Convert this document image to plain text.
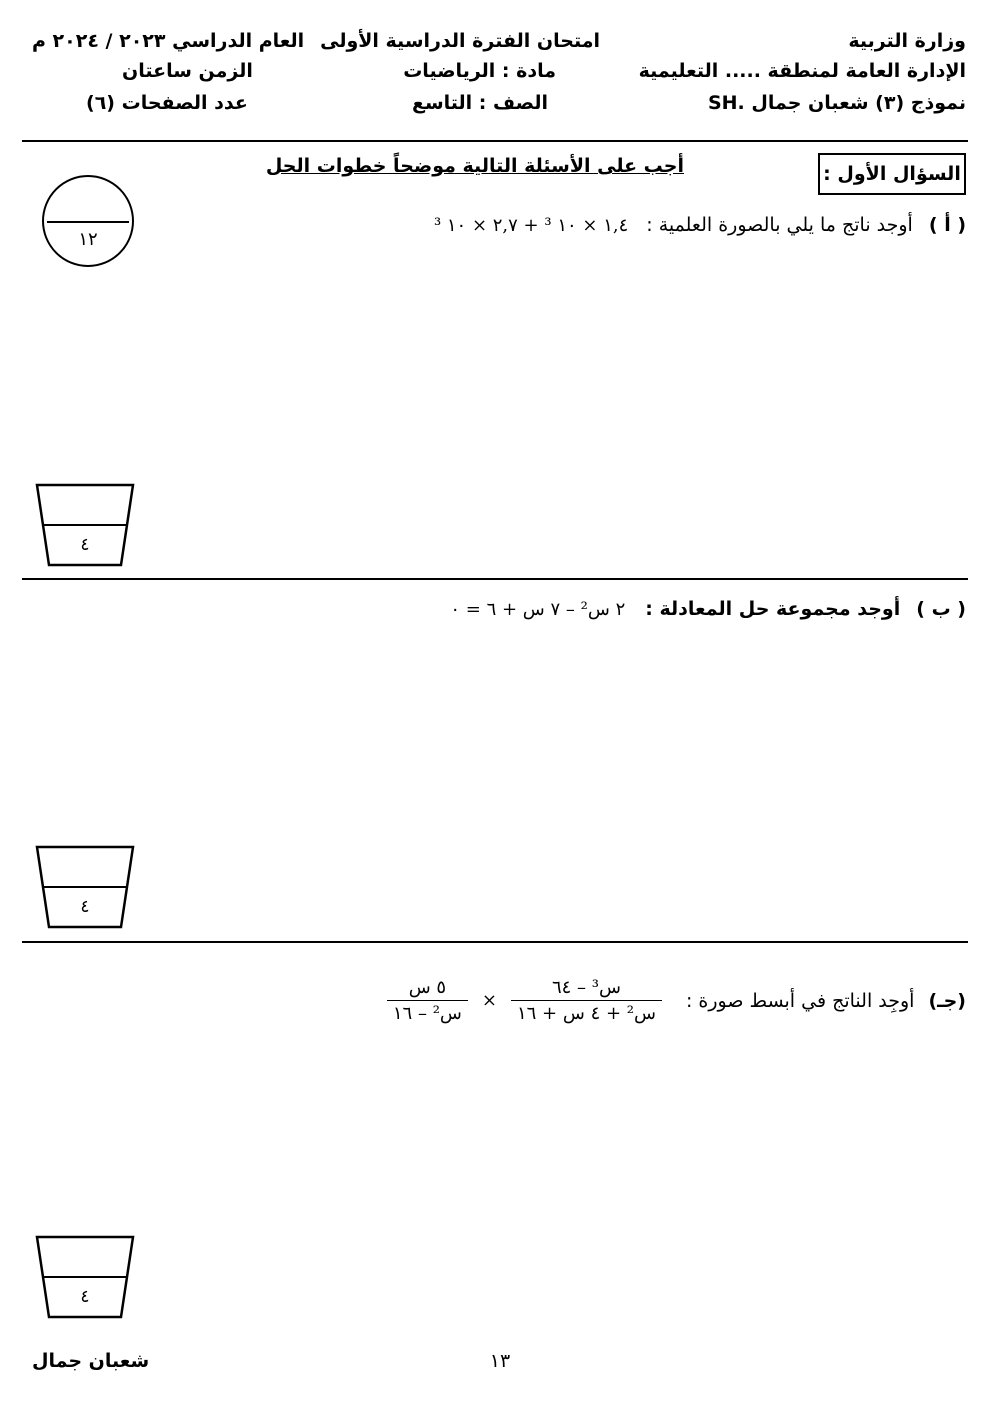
وزارة التربية
الإدارة العامة لمنطقة ..... التعليمية
نموذج (٣) شعبان جمال .SH
امتحان الفترة الدراسية الأولى
مادة : الرياضيات
الصف : التاسع
العام الدراسي ٢٠٢٣ / ٢٠٢٤ م
الزمن ساعتان
عدد الصفحات (٦)
السؤال الأول :
أجب على الأسئلة التالية موضحاً خطوات الحل
١٢
( أ ) أوجد ناتج ما يلي بالصورة العلمية : ١,٤ × ١٠ ³ + ٢,٧ × ١٠ ³
٤
( ب ) أوجد مجموعة حل المعادلة : ٢ س² – ٧ س + ٦ = ٠
٤
(جـ)
أوجِد الناتج في أبسط صورة :
$\frac{\text{س³ – ٦٤}}{\text{س² + ٤ س + ١٦}}$
×
$\frac{\text{٥ س}}{\text{س² – ١٦}}$
٤
شعبان جمال	١٣
